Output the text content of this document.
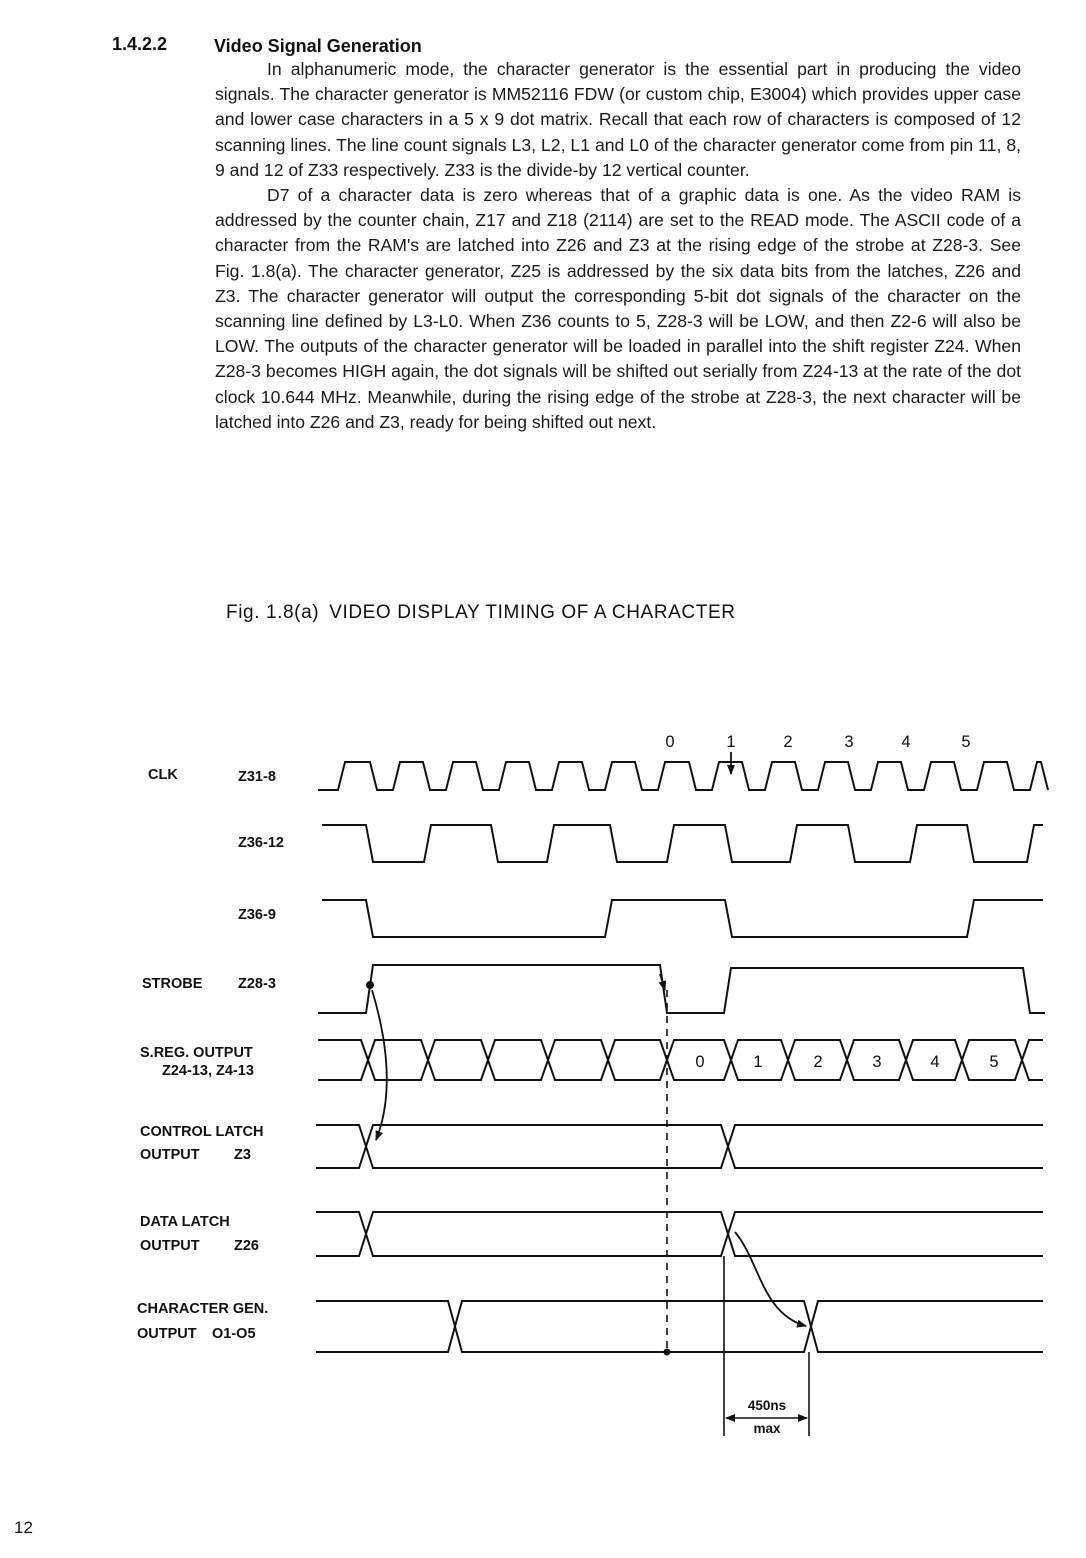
1.4.2.2	Video Signal Generation

In alphanumeric mode, the character generator is the essential part in producing the video signals. The character generator is MM52116 FDW (or custom chip, E3004) which provides upper case and lower case characters in a 5 x 9 dot matrix. Recall that each row of characters is composed of 12 scanning lines. The line count signals L3, L2, L1 and L0 of the character generator come from pin 11, 8, 9 and 12 of Z33 respectively. Z33 is the divide-by 12 vertical counter.

D7 of a character data is zero whereas that of a graphic data is one. As the video RAM is addressed by the counter chain, Z17 and Z18 (2114) are set to the READ mode. The ASCII code of a character from the RAM's are latched into Z26 and Z3 at the rising edge of the strobe at Z28-3. See Fig. 1.8(a). The character generator, Z25 is addressed by the six data bits from the latches, Z26 and Z3. The character generator will output the corresponding 5-bit dot signals of the character on the scanning line defined by L3-L0. When Z36 counts to 5, Z28-3 will be LOW, and then Z2-6 will also be LOW. The outputs of the character generator will be loaded in parallel into the shift register Z24. When Z28-3 becomes HIGH again, the dot signals will be shifted out serially from Z24-13 at the rate of the dot clock 10.644 MHz. Meanwhile, during the rising edge of the strobe at Z28-3, the next character will be latched into Z26 and Z3, ready for being shifted out next.

Fig. 1.8(a) VIDEO DISPLAY TIMING OF A CHARACTER
0	1	2	3	4	5
CLK	Z31-8
Z36-12
Z36-9
STROBE Z28-3
S.REG. OUTPUT
Z24-13, Z4-13
CONTROL LATCH
OUTPUT Z3
DATA LATCH
OUTPUT Z26
CHARACTER GEN.
OUTPUT O1-O5
0	1	2	3	4	5
450ns
max
12
